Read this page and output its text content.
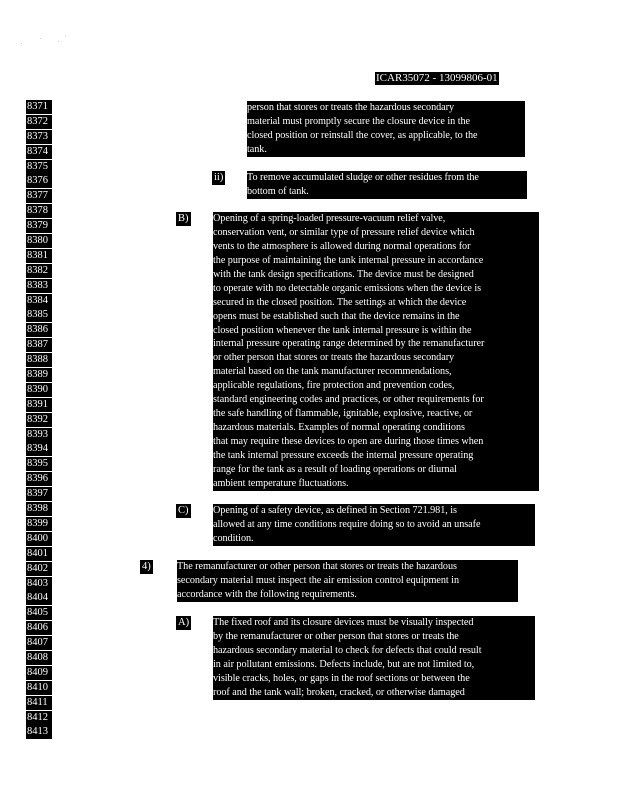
ICAR35072 - 13099806-01
8371
8372
8373
8374
8375
8376
8377
8378
8379
8380
8381
8382
8383
8384
8385
8386
8387
8388
8389
8390
8391
8392
8393
8394
8395
8396
8397
8398
8399
8400
8401
8402
8403
8404
8405
8406
8407
8408
8409
8410
8411
8412
8413
person that stores or treats the hazardous secondary
material must promptly secure the closure device in the
closed position or reinstall the cover, as applicable, to the
tank.
ii) To remove accumulated sludge or other residues from the
bottom of tank.
B) Opening of a spring-loaded pressure-vacuum relief valve,
conservation vent, or similar type of pressure relief device which
vents to the atmosphere is allowed during normal operations for
the purpose of maintaining the tank internal pressure in accordance
with the tank design specifications. The device must be designed
to operate with no detectable organic emissions when the device is
secured in the closed position. The settings at which the device
opens must be established such that the device remains in the
closed position whenever the tank internal pressure is within the
internal pressure operating range determined by the remanufacturer
or other person that stores or treats the hazardous secondary
material based on the tank manufacturer recommendations,
applicable regulations, fire protection and prevention codes,
standard engineering codes and practices, or other requirements for
the safe handling of flammable, ignitable, explosive, reactive, or
hazardous materials. Examples of normal operating conditions
that may require these devices to open are during those times when
the tank internal pressure exceeds the internal pressure operating
range for the tank as a result of loading operations or diurnal
ambient temperature fluctuations.
C) Opening of a safety device, as defined in Section 721.981, is
allowed at any time conditions require doing so to avoid an unsafe
condition.
4)	The remanufacturer or other person that stores or treats the hazardous
secondary material must inspect the air emission control equipment in
accordance with the following requirements.
A) The fixed roof and its closure devices must be visually inspected
by the remanufacturer or other person that stores or treats the
hazardous secondary material to check for defects that could result
in air pollutant emissions. Defects include, but are not limited to,
visible cracks, holes, or gaps in the roof sections or between the
roof and the tank wall; broken, cracked, or otherwise damaged
